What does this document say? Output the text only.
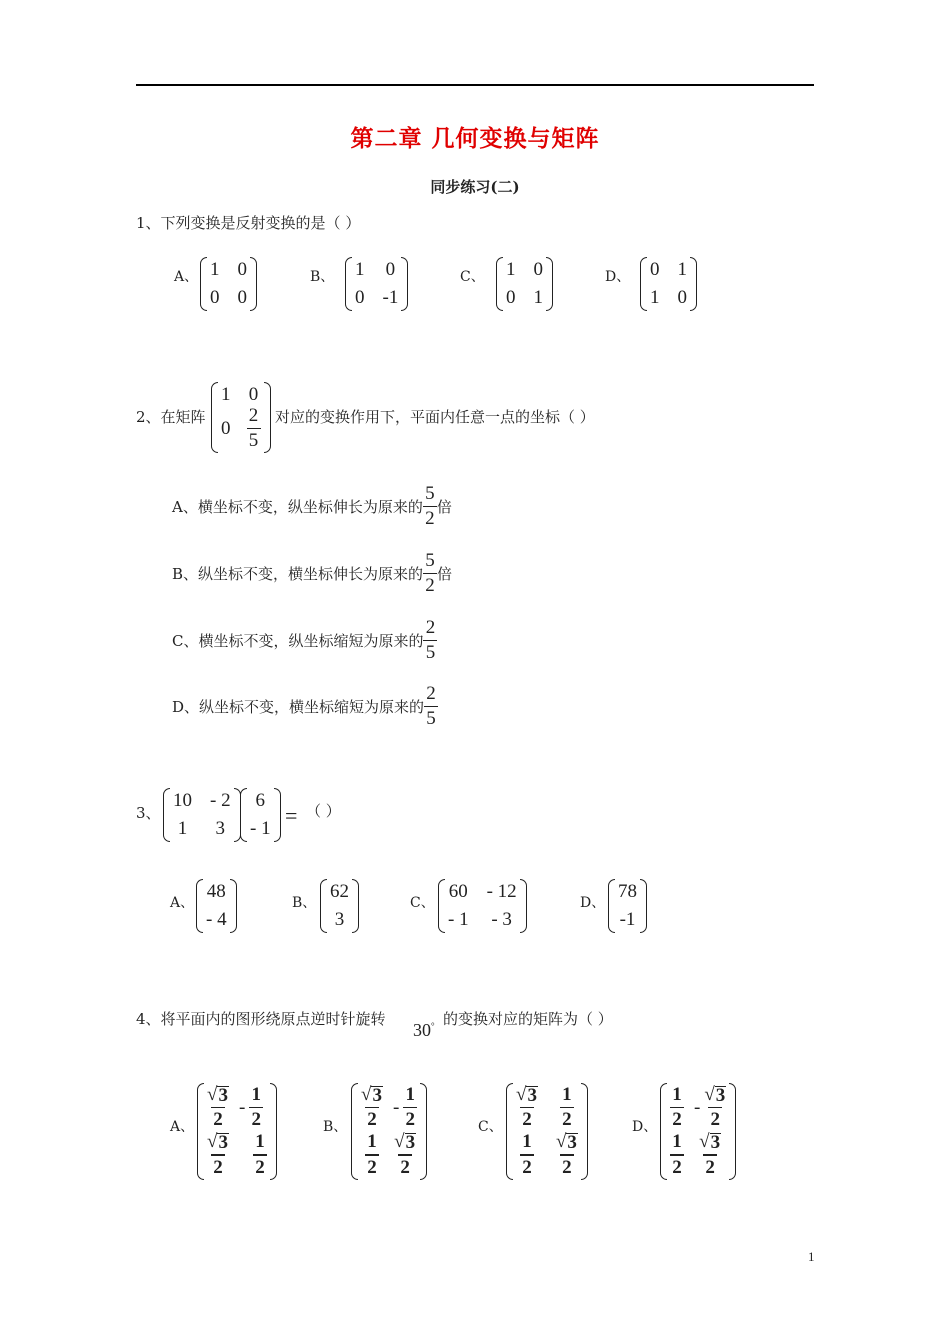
第二章 几何变换与矩阵
同步练习(二)
1、下列变换是反射变换的是（ ）
A、 1 0
0 0
B、 1 0
0 -1
C、 1 0
0 1
D、 0 1
1 0
2、在矩阵
1 0
$0 \frac{2}{5}$ 对应的变换作用下，平面内任意一点的坐标（ ）
A、横坐标不变，纵坐标伸长为原来的 $\frac{5}{2}$ 倍
B、纵坐标不变，横坐标伸长为原来的 $\frac{5}{2}$ 倍
C、横坐标不变，纵坐标缩短为原来的 $\frac{2}{5}$
D、纵坐标不变，横坐标缩短为原来的 $\frac{2}{5}$
3、
10 - 2
1 3
6
- 1
= （ ）
A、
48
- 4
B、
62
3
C、
60 - 12
- 1 - 3
D、
78
-1
4、将平面内的图形绕原点逆时针旋转
30° 的变换对应的矩阵为（ ）
A、 $\frac{√ 3}{2} - \frac{1}{2}$
$\frac{√ 3}{2} \frac{1}{2}$
B、 $\frac{√ 3}{2} - \frac{1}{2}$
$\frac{1}{2} \frac{√ 3}{2}$
C、 $\frac{√ 3}{2} \frac{1}{2}$
$\frac{1}{2} \frac{√ 3}{2}$
D、 $\frac{1}{2} - \frac{√ 3}{2}$
$\frac{1}{2} \frac{√ 3}{2}$
1
